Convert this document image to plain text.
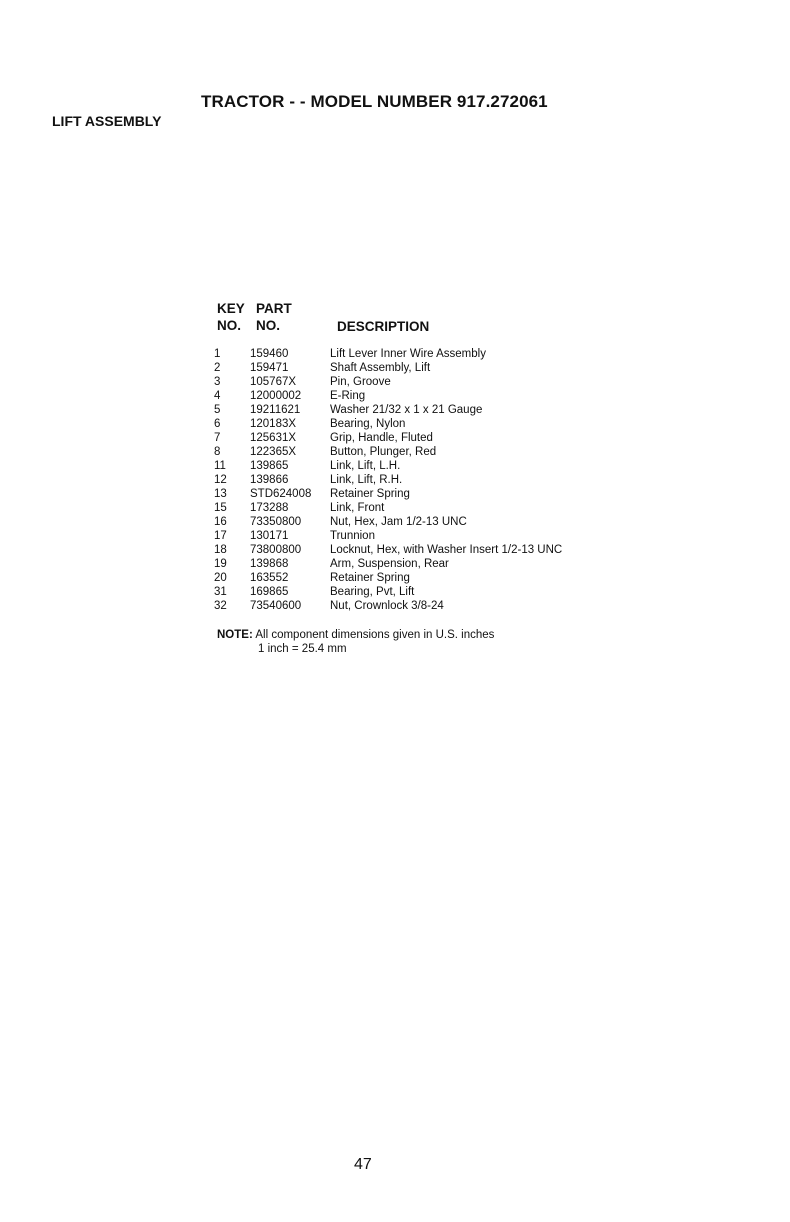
TRACTOR - - MODEL NUMBER 917.272061
LIFT ASSEMBLY
KEY
NO.
PART
NO.	DESCRIPTION
1	159460	Lift Lever Inner Wire Assembly
2	159471	Shaft Assembly, Lift
3	105767X	Pin, Groove
4	12000002	E-Ring
5	19211621	Washer 21/32 x 1 x 21 Gauge
6	120183X	Bearing, Nylon
7	125631X	Grip, Handle, Fluted
8	122365X	Button, Plunger, Red
11 139865	Link, Lift, L.H.
12 139866	Link, Lift, R.H.
13 STD624008 Retainer Spring
15 173288	Link, Front
16 73350800	Nut, Hex, Jam 1/2-13 UNC
17 130171	Trunnion
18 73800800	Locknut, Hex, with Washer Insert 1/2-13 UNC
19 139868	Arm, Suspension, Rear
20 163552	Retainer Spring
31 169865	Bearing, Pvt, Lift
32 73540600	Nut, Crownlock 3/8-24
NOTE: All component dimensions given in U.S. inches
1 inch = 25.4 mm
47
